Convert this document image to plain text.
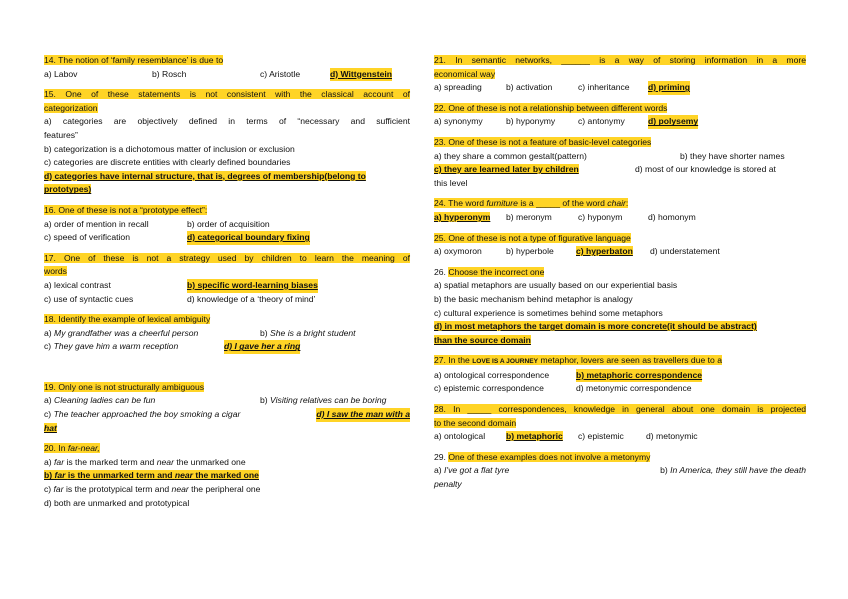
14. The notion of ‘family resemblance’ is due to
a) Labov	b) Rosch	c) Aristotle	d) Wittgenstein
15. One of these statements is not consistent with the classical account of
categorization
a) categories are objectively defined in terms of “necessary and sufficient
features”
b) categorization is a dichotomous matter of inclusion or exclusion
c) categories are discrete entities with clearly defined boundaries
d) categories have internal structure, that is, degrees of membership(belong to
prototypes)
16. One of these is not a “prototype effect”:
a) order of mention in recall	b) order of acquisition
c) speed of verification	d) categorical boundary fixing
17. One of these is not a strategy used by children to learn the meaning of
words
a) lexical contrast	b) specific word-learning biases
c) use of syntactic cues	d) knowledge of a ‘theory of mind’
18. Identify the example of lexical ambiguity
a) My grandfather was a cheerful person	b) She is a bright student
c) They gave him a warm reception	d) I gave her a ring
19. Only one is not structurally ambiguous
a) Cleaning ladies can be fun	b) Visiting relatives can be boring
c) The teacher approached the boy smoking a cigar	d) I saw the man with a
hat
20. In far-near,
a) far is the marked term and near the unmarked one
b) far is the unmarked term and near the marked one
c) far is the prototypical term and near the peripheral one
d) both are unmarked and prototypical
21. In semantic networks, ______ is a way of storing information in a more
economical way
a) spreading	b) activation	c) inheritance	d) priming
22. One of these is not a relationship between different words
a) synonymy	b) hyponymy	c) antonymy	d) polysemy
23. One of these is not a feature of basic-level categories
a) they share a common gestalt(pattern)	b) they have shorter names
c) they are learned later by children	d) most of our knowledge is stored at
this level
24. The word furniture is a _____ of the word chair:
a) hyperonym	b) meronym	c) hyponym	d) homonym
25. One of these is not a type of figurative language
a) oxymoron	b) hyperbole	c) hyperbaton	d) understatement
26. Choose the incorrect one
a) spatial metaphors are usually based on our experiential basis
b) the basic mechanism behind metaphor is analogy
c) cultural experience is sometimes behind some metaphors
d) in most metaphors the target domain is more concrete(it should be abstract)
than the source domain
27. In the LOVE IS A JOURNEY metaphor, lovers are seen as travellers due to a
a) ontological correspondence	b) metaphoric correspondence
c) epistemic correspondence	d) metonymic correspondence
28. In _____ correspondences, knowledge in general about one domain is projected
to the second domain
a) ontological	b) metaphoric	c) epistemic	d) metonymic
29. One of these examples does not involve a metonymy
a) I've got a flat tyre	b) In America, they still have the death
penalty
